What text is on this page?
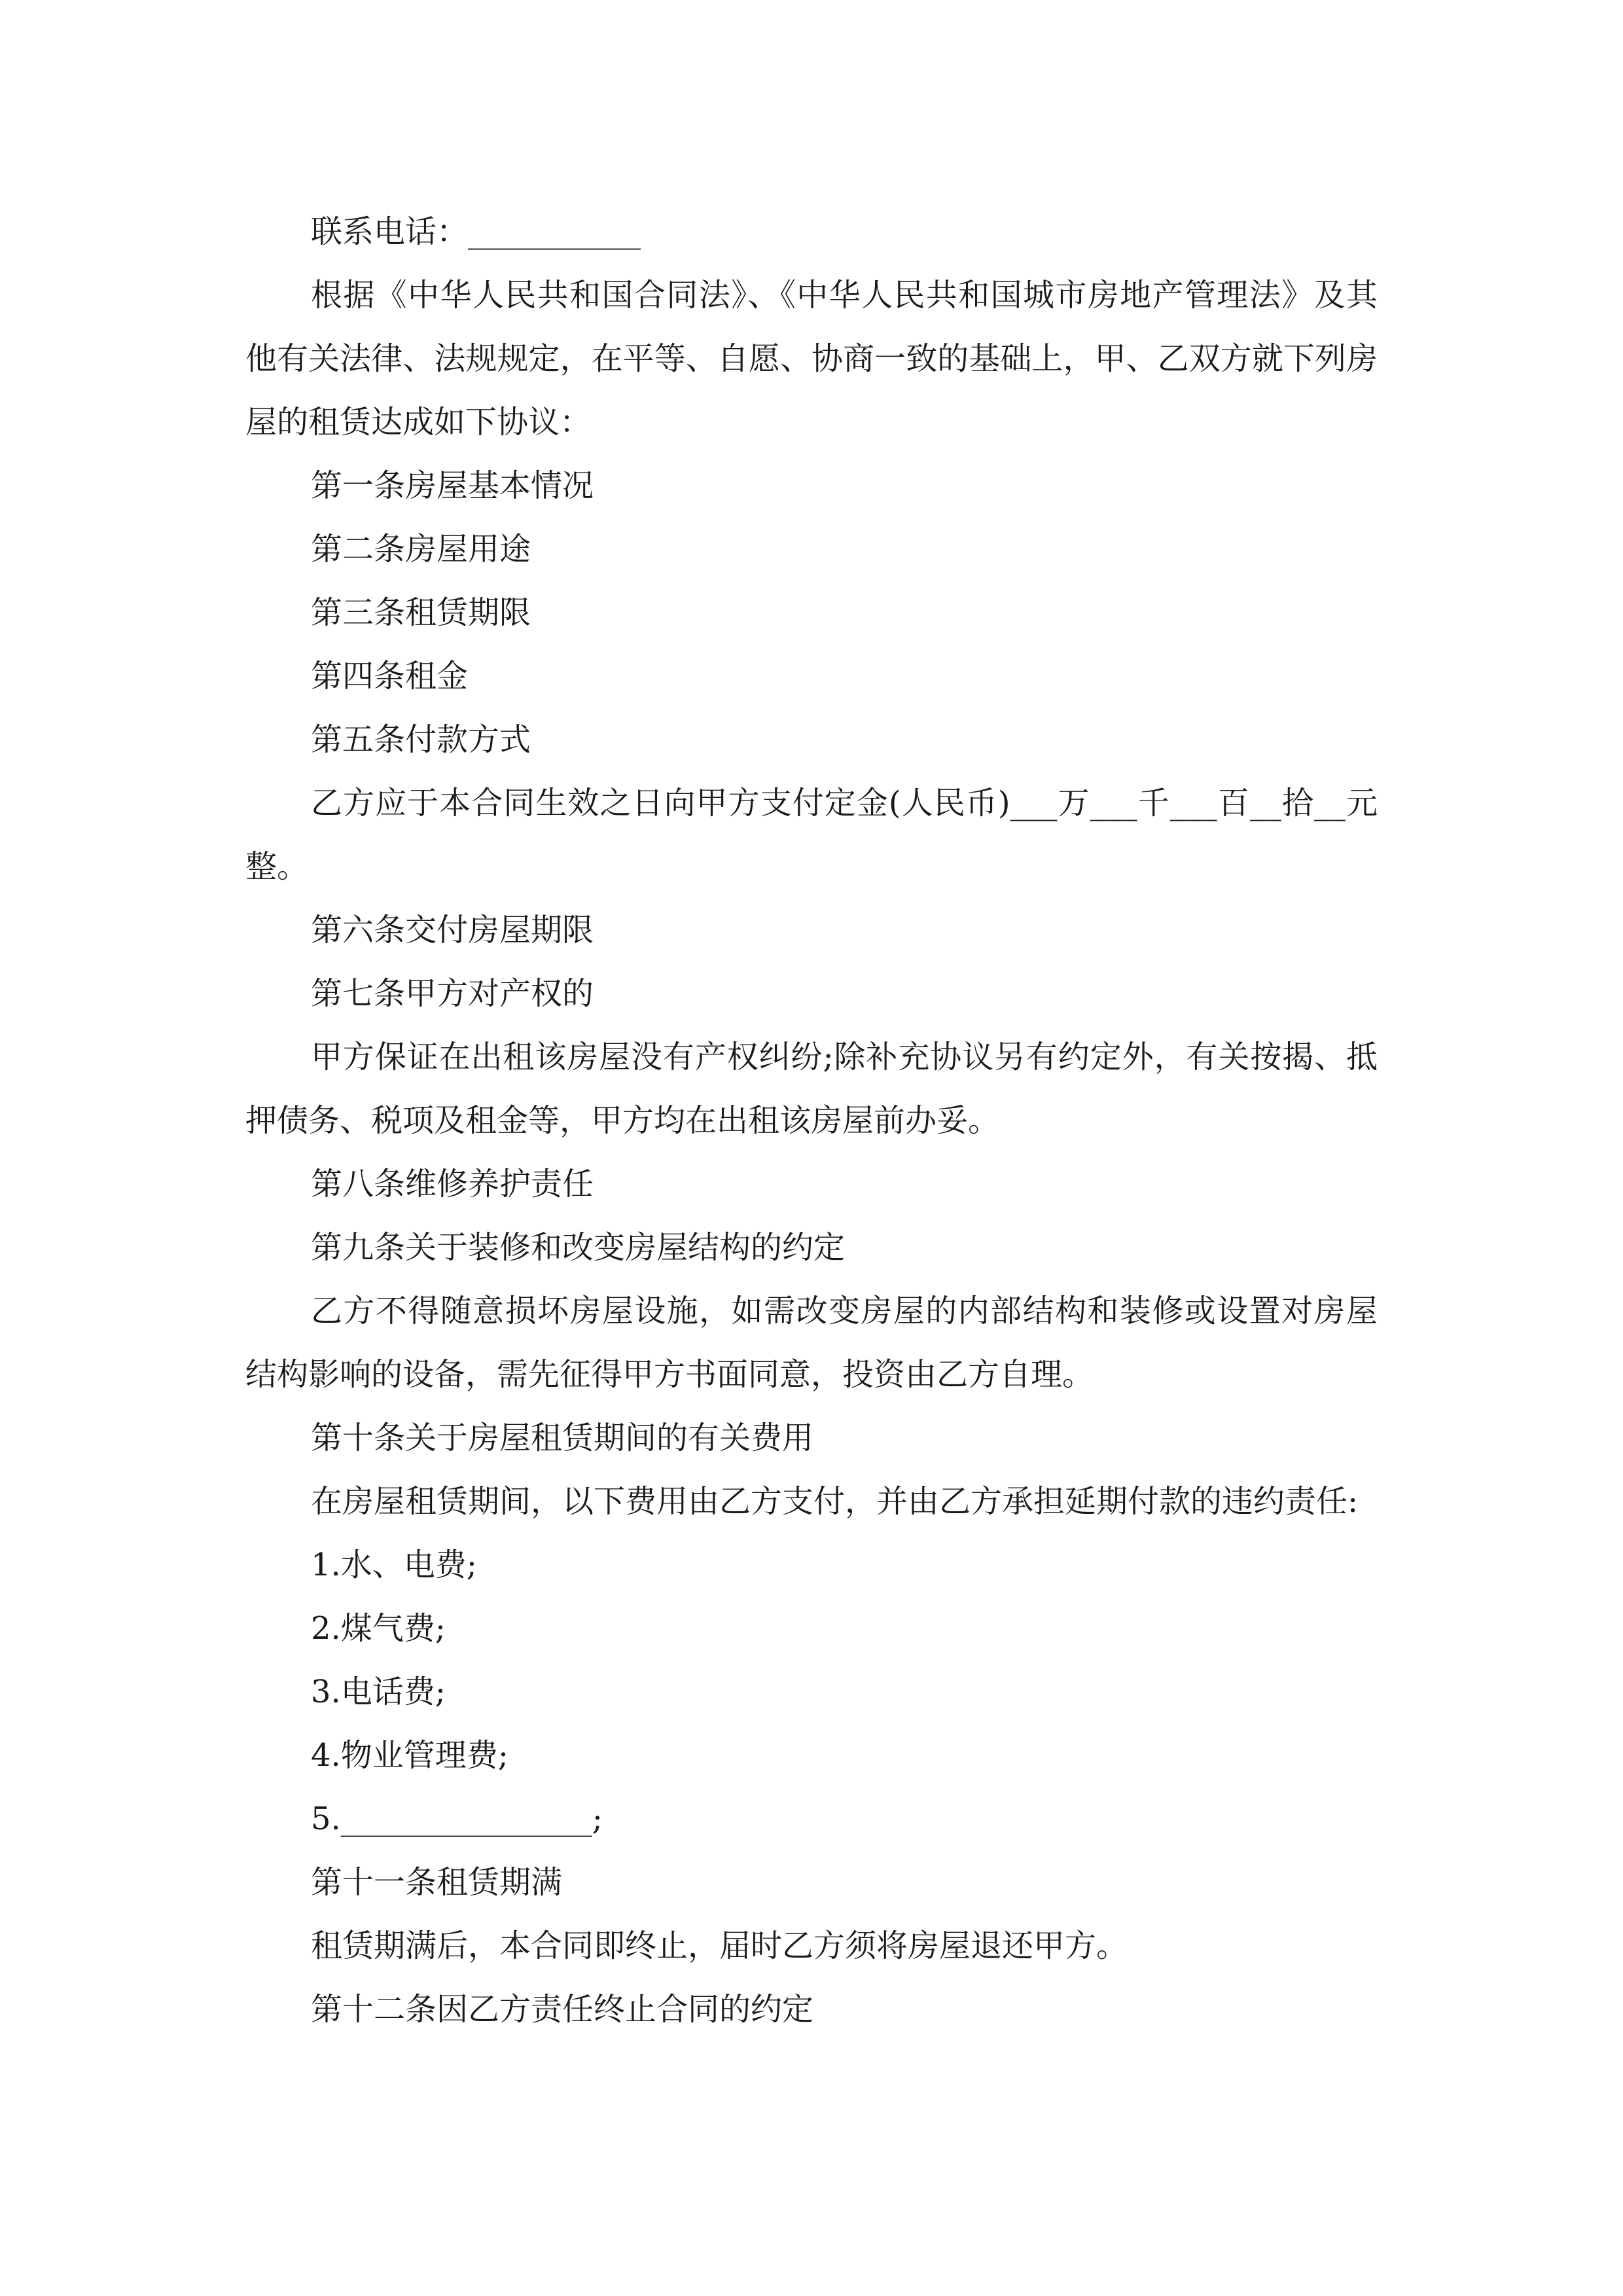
联系电话：___________

根据《中华人民共和国合同法》、《中华人民共和国城市房地产管理法》及其他有关法律、法规规定，在平等、自愿、协商一致的基础上，甲、乙双方就下列房屋的租赁达成如下协议：

第一条房屋基本情况

第二条房屋用途

第三条租赁期限

第四条租金

第五条付款方式

乙方应于本合同生效之日向甲方支付定金(人民币)___万___千___百__拾__元整。

第六条交付房屋期限

第七条甲方对产权的

甲方保证在出租该房屋没有产权纠纷;除补充协议另有约定外，有关按揭、抵押债务、税项及租金等，甲方均在出租该房屋前办妥。

第八条维修养护责任

第九条关于装修和改变房屋结构的约定

乙方不得随意损坏房屋设施，如需改变房屋的内部结构和装修或设置对房屋结构影响的设备，需先征得甲方书面同意，投资由乙方自理。

第十条关于房屋租赁期间的有关费用

在房屋租赁期间，以下费用由乙方支付，并由乙方承担延期付款的违约责任:

1.水、电费;

2.煤气费;

3.电话费;

4.物业管理费;

5.________________;

第十一条租赁期满

租赁期满后，本合同即终止，届时乙方须将房屋退还甲方。

第十二条因乙方责任终止合同的约定
